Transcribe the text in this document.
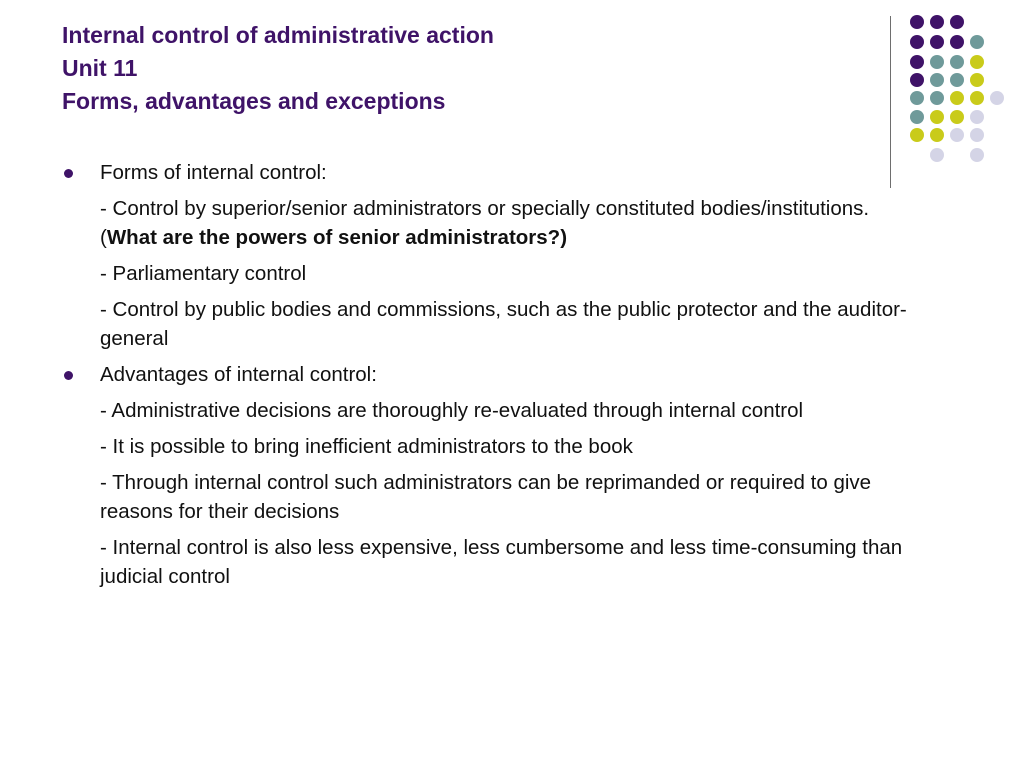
Internal control of administrative action
Unit 11
Forms, advantages and exceptions
Forms of internal control:
- Control by superior/senior administrators or specially constituted bodies/institutions. (What are the powers of senior administrators?)
- Parliamentary control
- Control by public bodies and commissions, such as the public protector and the auditor-general
Advantages of internal control:
- Administrative decisions are thoroughly re-evaluated through internal control
- It is possible to bring inefficient administrators to the book
- Through internal control such administrators can be reprimanded or required to give reasons for their decisions
- Internal control is also less expensive, less cumbersome and less time-consuming than judicial control
